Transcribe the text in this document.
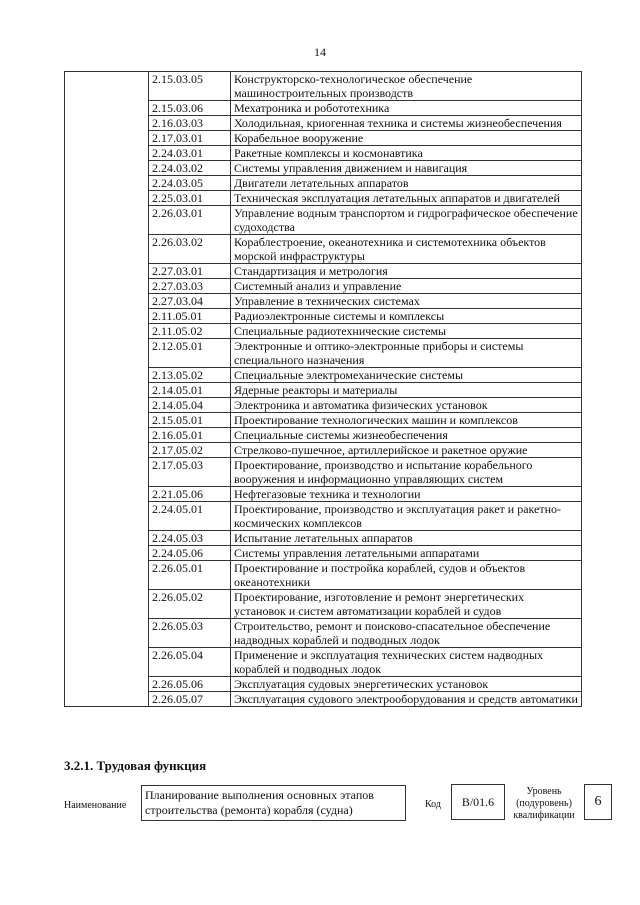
14
	2.15.03.05	Конструкторско-технологическое обеспечение машиностроительных производств
	2.15.03.06	Мехатроника и робототехника
	2.16.03.03	Холодильная, криогенная техника и системы жизнеобеспечения
	2.17.03.01	Корабельное вооружение
	2.24.03.01	Ракетные комплексы и космонавтика
	2.24.03.02	Системы управления движением и навигация
	2.24.03.05	Двигатели летательных аппаратов
	2.25.03.01	Техническая эксплуатация летательных аппаратов и двигателей
	2.26.03.01	Управление водным транспортом и гидрографическое обеспечение судоходства
	2.26.03.02	Кораблестроение, океанотехника и системотехника объектов морской инфраструктуры
	2.27.03.01	Стандартизация и метрология
	2.27.03.03	Системный анализ и управление
	2.27.03.04	Управление в технических системах
	2.11.05.01	Радиоэлектронные системы и комплексы
	2.11.05.02	Специальные радиотехнические системы
	2.12.05.01	Электронные и оптико-электронные приборы и системы специального назначения
	2.13.05.02	Специальные электромеханические системы
	2.14.05.01	Ядерные реакторы и материалы
	2.14.05.04	Электроника и автоматика физических установок
	2.15.05.01	Проектирование технологических машин и комплексов
	2.16.05.01	Специальные системы жизнеобеспечения
	2.17.05.02	Стрелково-пушечное, артиллерийское и ракетное оружие
	2.17.05.03	Проектирование, производство и испытание корабельного вооружения и информационно управляющих систем
	2.21.05.06	Нефтегазовые техника и технологии
	2.24.05.01	Проектирование, производство и эксплуатация ракет и ракетно-космических комплексов
	2.24.05.03	Испытание летательных аппаратов
	2.24.05.06	Системы управления летательными аппаратами
	2.26.05.01	Проектирование и постройка кораблей, судов и объектов океанотехники
	2.26.05.02	Проектирование, изготовление и ремонт энергетических установок и систем автоматизации кораблей и судов
	2.26.05.03	Строительство, ремонт и поисково-спасательное обеспечение надводных кораблей и подводных лодок
	2.26.05.04	Применение и эксплуатация технических систем надводных кораблей и подводных лодок
	2.26.05.06	Эксплуатация судовых энергетических установок
	2.26.05.07	Эксплуатация судового электрооборудования и средств автоматики
3.2.1. Трудовая функция
Наименование
Планирование выполнения основных этапов строительства (ремонта) корабля (судна)	Код	B/01.6
Уровень (подуровень) квалификации
6
